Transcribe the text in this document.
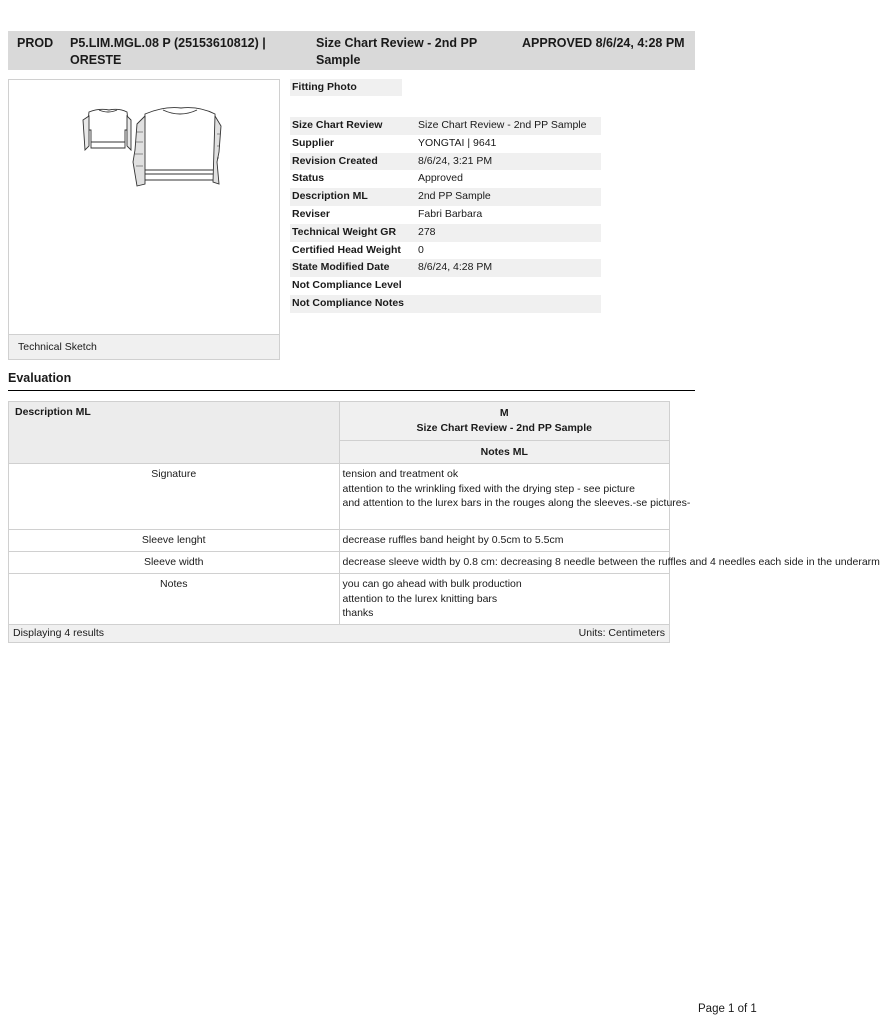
PROD P5.LIM.MGL.08 P (25153610812) | ORESTE
Size Chart Review - 2nd PP Sample
APPROVED 8/6/24, 4:28 PM
Technical Sketch
Fitting Photo
Size Chart Review	Size Chart Review - 2nd PP Sample
Supplier	YONGTAI | 9641
Revision Created	8/6/24, 3:21 PM
Status	Approved
Description ML	2nd PP Sample
Reviser	Fabri Barbara
Technical Weight GR	278
Certified Head Weight	0
State Modified Date	8/6/24, 4:28 PM
Not Compliance Level
Not Compliance Notes
Evaluation
Description ML	M
Size Chart Review - 2nd PP Sample

	Notes ML
Signature	tension and treatment ok
attention to the wrinkling fixed with the drying step - see picture
and attention to the lurex bars in the rouges along the sleeves.-se pictures-

Sleeve lenght	decrease ruffles band height by 0.5cm to 5.5cm

Sleeve width	decrease sleeve width by 0.8 cm: decreasing 8 needle between the ruffles and 4 needles each side in the underarm

Notes	you can go ahead with bulk production
attention to the lurex knitting bars
thanks

Displaying 4 results Units: Centimeters	
Page 1 of 1
